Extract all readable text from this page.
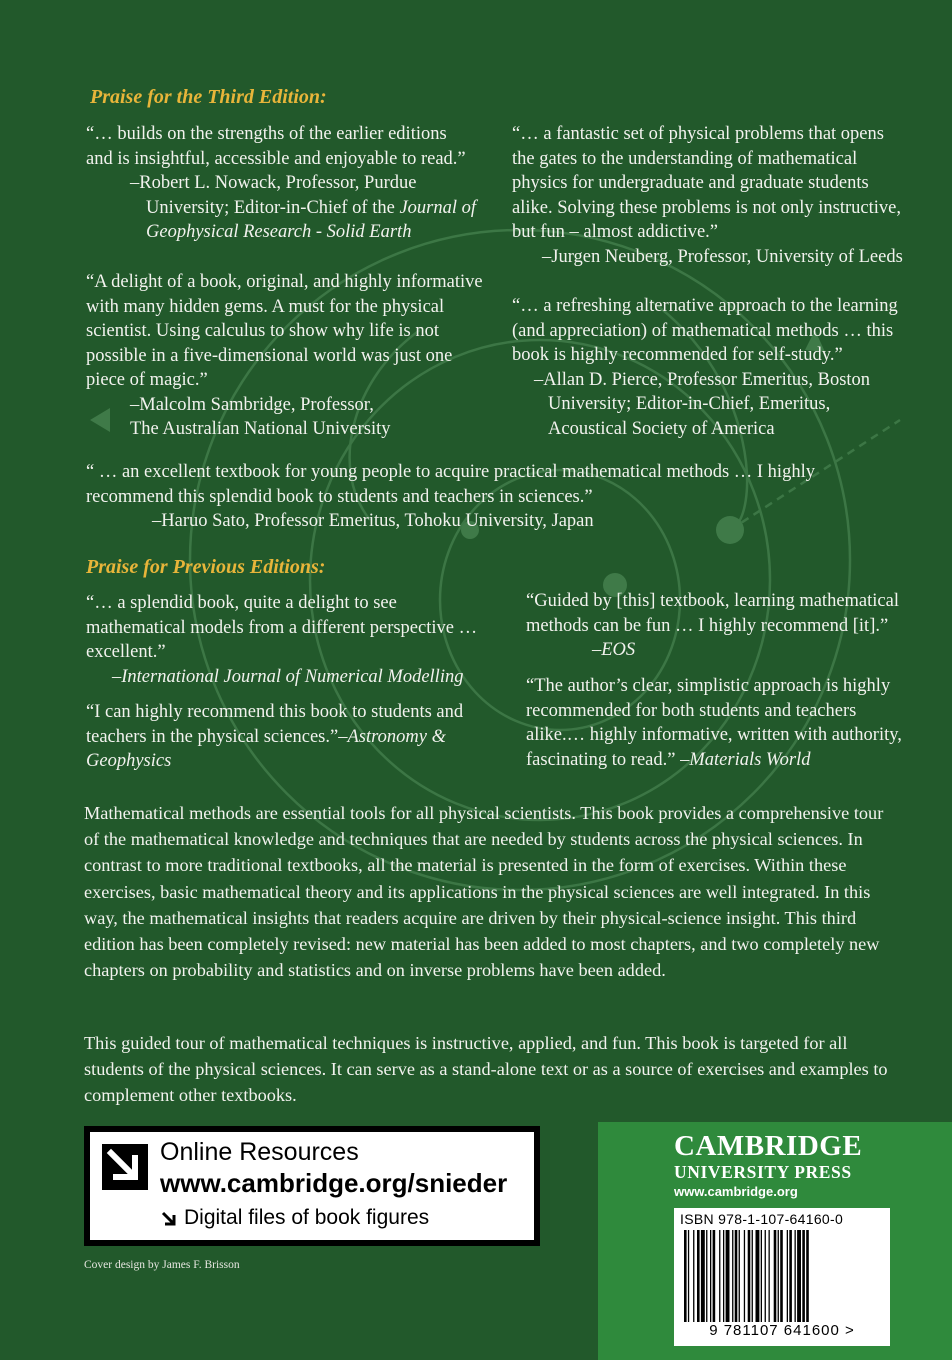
Praise for the Third Edition:

“… builds on the strengths of the earlier editions

and is insightful, accessible and enjoyable to read.”

–Robert L. Nowack, Professor, Purdue

University; Editor-in-Chief of the Journal of

Geophysical Research - Solid Earth

“… a fantastic set of physical problems that opens

the gates to the understanding of mathematical

physics for undergraduate and graduate students

alike. Solving these problems is not only instructive,

but fun – almost addictive.”

–Jurgen Neuberg, Professor, University of Leeds

“A delight of a book, original, and highly informative

with many hidden gems. A must for the physical

scientist. Using calculus to show why life is not

possible in a five-dimensional world was just one

piece of magic.”

–Malcolm Sambridge, Professor,

The Australian National University

“… a refreshing alternative approach to the learning

(and appreciation) of mathematical methods … this

book is highly recommended for self-study.”

–Allan D. Pierce, Professor Emeritus, Boston

University; Editor-in-Chief, Emeritus,

Acoustical Society of America

“ … an excellent textbook for young people to acquire practical mathematical methods … I highly

recommend this splendid book to students and teachers in sciences.”

–Haruo Sato, Professor Emeritus, Tohoku University, Japan

Praise for Previous Editions:

“… a splendid book, quite a delight to see

mathematical models from a different perspective …

excellent.”

–International Journal of Numerical Modelling

“I can highly recommend this book to students and

teachers in the physical sciences.”–Astronomy &

Geophysics

“Guided by [this] textbook, learning mathematical

methods can be fun … I highly recommend [it].”

–EOS

“The author’s clear, simplistic approach is highly

recommended for both students and teachers

alike.… highly informative, written with authority,

fascinating to read.” –Materials World

Mathematical methods are essential tools for all physical scientists. This book provides a comprehensive tour of the mathematical knowledge and techniques that are needed by students across the physical sciences. In contrast to more traditional textbooks, all the material is presented in the form of exercises. Within these exercises, basic mathematical theory and its applications in the physical sciences are well integrated. In this way, the mathematical insights that readers acquire are driven by their physical-science insight. This third edition has been completely revised: new material has been added to most chapters, and two completely new chapters on probability and statistics and on inverse problems have been added.

This guided tour of mathematical techniques is instructive, applied, and fun. This book is targeted for all students of the physical sciences. It can serve as a stand-alone text or as a source of exercises and examples to complement other textbooks.

Online Resources
www.cambridge.org/snieder
Digital files of book figures
Cover design by James F. Brisson
CAMBRIDGE
UNIVERSITY PRESS
www.cambridge.org
ISBN 978-1-107-64160-0
9 781107 641600 >
